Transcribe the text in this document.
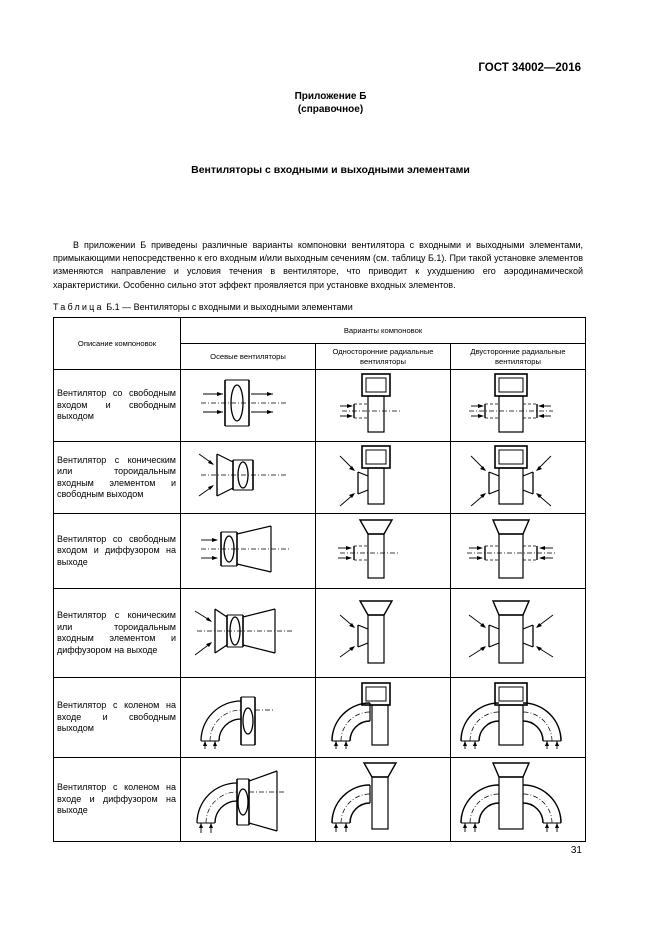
ГОСТ 34002—2016
Приложение Б
(справочное)
Вентиляторы с входными и выходными элементами

В приложении Б приведены различные варианты компоновки вентилятора с входными и выходными элементами, примыкающими непосредственно к его входным и/или выходным сечениям (см. таблицу Б.1). При такой установке элементов изменяются направление и условия течения в вентиляторе, что приводит к ухудшению его аэродинамической характеристики. Особенно сильно этот эффект проявляется при установке входных элементов.

Таблица Б.1 — Вентиляторы с входными и выходными элементами
Описание компоновок	Варианты компоновок		
	Осевые вентиляторы	Односторонние радиальные вентиляторы	Двусторонние радиальные вентиляторы
Вентилятор со свободным входом и свободным выходом			
Вентилятор с коническим или тороидальным входным элементом и свободным выходом			
Вентилятор со свободным входом и диффузором на выходе			
Вентилятор с коническим или тороидальным входным элементом и диффузором на выходе			
Вентилятор с коленом на входе и свободным выходом			
Вентилятор с коленом на входе и диффузором на выходе			
31
